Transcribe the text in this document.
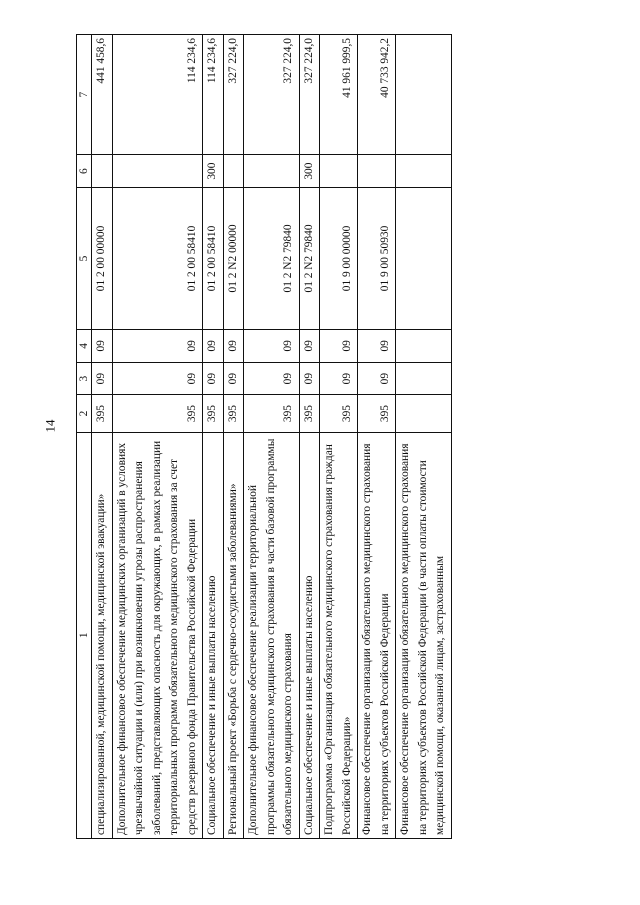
14
1	2	3	4	5	6	7
специализированной, медицинской помощи, медицинской эвакуации»	395	09	09	01 2 00 00000		441 458,6
Дополнительное финансовое обеспечение медицинских организаций в условиях чрезвычайной ситуации и (или) при возникновении угрозы распространения заболеваний, представляющих опасность для окружающих, в рамках реализации территориальных программ обязательного медицинского страхования за счет средств резервного фонда Правительства Российской Федерации	395	09	09	01 2 00 58410		114 234,6
Социальное обеспечение и иные выплаты населению	395	09	09	01 2 00 58410	300	114 234,6
Региональный проект «Борьба с сердечно-сосудистыми заболеваниями»	395	09	09	01 2 N2 00000		327 224,0
Дополнительное финансовое обеспечение реализации территориальной программы обязательного медицинского страхования в части базовой программы обязательного медицинского страхования	395	09	09	01 2 N2 79840		327 224,0
Социальное обеспечение и иные выплаты населению	395	09	09	01 2 N2 79840	300	327 224,0
Подпрограмма «Организация обязательного медицинского страхования граждан Российской Федерации»	395	09	09	01 9 00 00000		41 961 999,5
Финансовое обеспечение организации обязательного медицинского страхования на территориях субъектов Российской Федерации	395	09	09	01 9 00 50930		40 733 942,2
Финансовое обеспечение организации обязательного медицинского страхования на территориях субъектов Российской Федерации (в части оплаты стоимости медицинской помощи, оказанной лицам, застрахованным						
